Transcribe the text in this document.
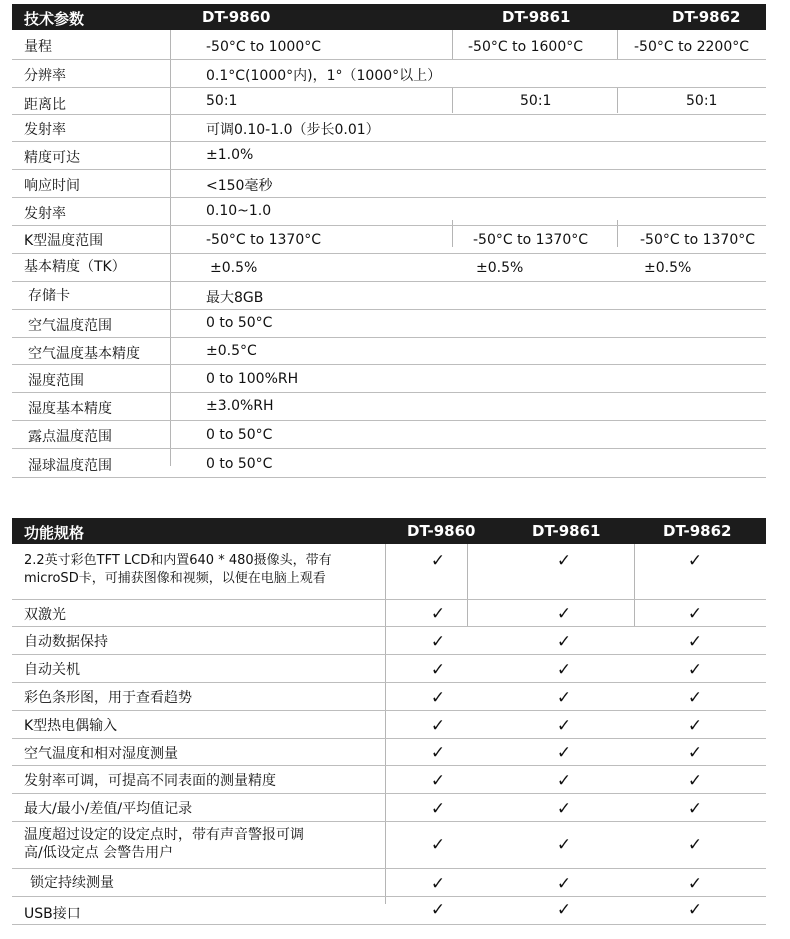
技术参数	DT-9860	DT-9861	DT-9862
量程	-50°C to 1000°C	-50°C to 1600°C	-50°C to 2200°C
分辨率	0.1°C(1000°内)，1°（1000°以上）
距离比	50:1	50:1	50:1
发射率	可调0.10-1.0（步长0.01）
精度可达	±1.0%
响应时间	<150毫秒
发射率	0.10~1.0
K型温度范围	-50°C to 1370°C	-50°C to 1370°C	-50°C to 1370°C
基本精度（TK）	±0.5%	±0.5%	±0.5%
存储卡	最大8GB
空气温度范围	0 to 50°C
空气温度基本精度	±0.5°C
湿度范围	0 to 100%RH
湿度基本精度	±3.0%RH
露点温度范围	0 to 50°C
湿球温度范围	0 to 50°C
功能规格	DT-9860	DT-9861	DT-9862
2.2英寸彩色TFT LCD和内置640 * 480摄像头，带有
microSD卡，可捕获图像和视频，以便在电脑上观看
✓	✓	✓
双激光	✓	✓	✓
自动数据保持	✓	✓	✓
自动关机	✓	✓	✓
彩色条形图，用于查看趋势	✓	✓	✓
K型热电偶输入	✓	✓	✓
空气温度和相对湿度测量	✓	✓	✓
发射率可调，可提高不同表面的测量精度	✓	✓	✓
最大/最小/差值/平均值记录	✓	✓	✓
温度超过设定的设定点时，带有声音警报可调
高/低设定点 会警告用户	✓	✓	✓
锁定持续测量	✓	✓	✓
USB接口	✓	✓	✓
